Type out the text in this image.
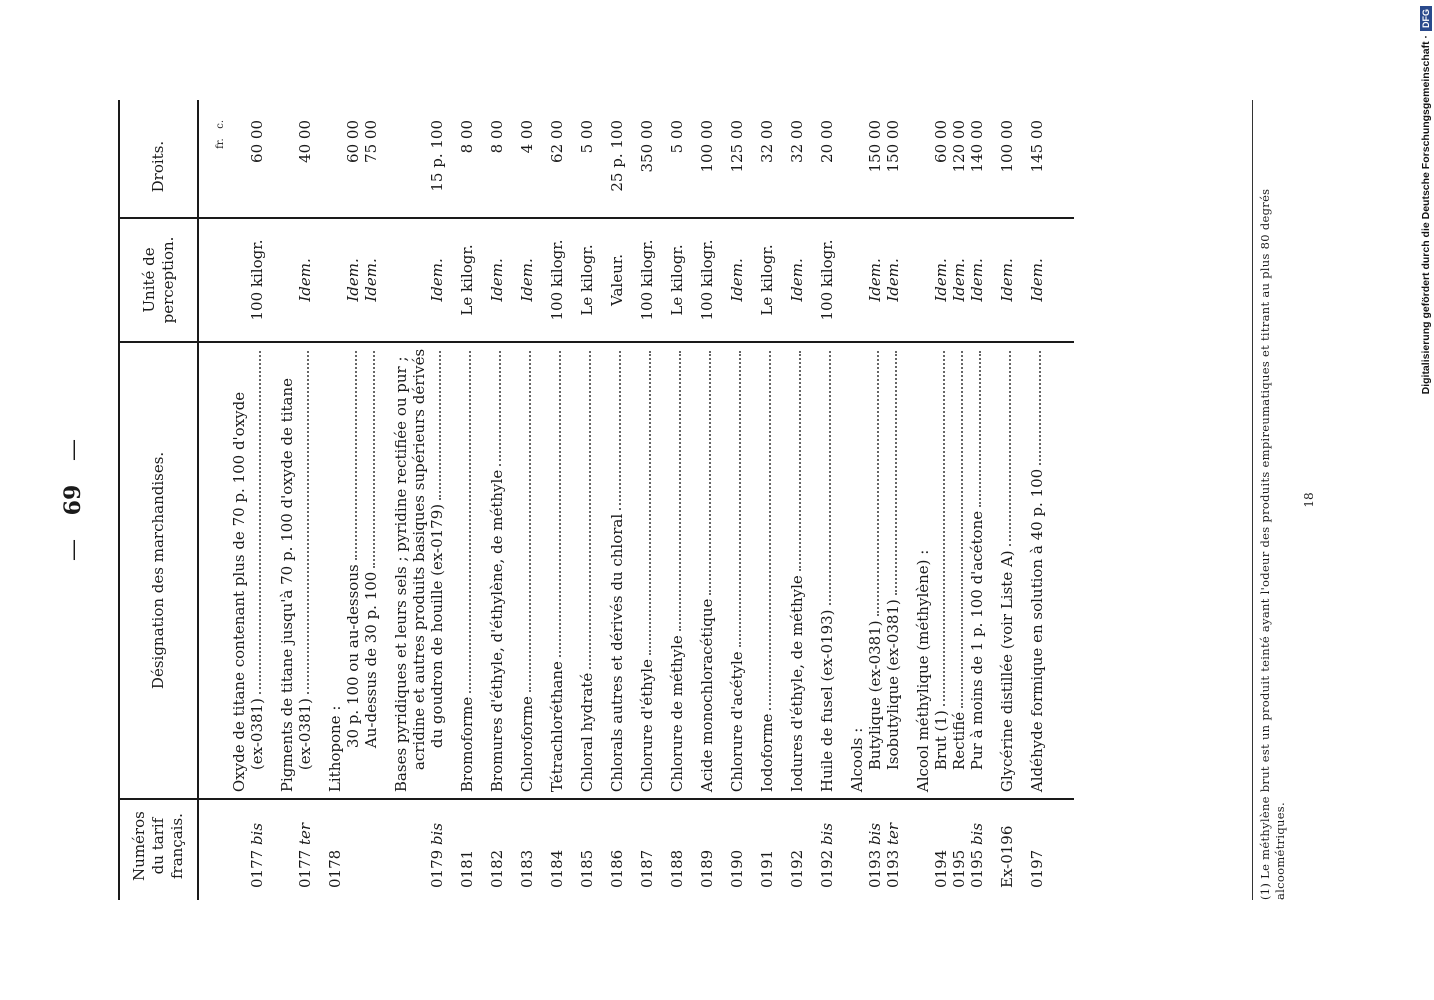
— 69 —
Numéros du tarif français.	Désignation des marchandises.	Unité de perception.	Droits.
			fr.  c.
0177 bis	Oxyde de titane contenant plus de 70 p. 100 d'oxyde (ex-0381)	100 kilogr.	60 00

0177 ter	Pigments de titane jusqu'à 70 p. 100 d'oxyde de titane (ex-0381)	Idem.	40 00

0178	Lithopone :		

	30 p. 100 ou au-dessous	Idem.	60 00

	Au-dessus de 30 p. 100	Idem.	75 00

0179 bis	Bases pyridiques et leurs sels ; pyridine rectifiée ou pur ; acridine et autres produits basiques supérieurs dérivés du goudron de houille (ex-0179)	Idem.	15 p. 100

0181	Bromoforme	Le kilogr.	8 00

0182	Bromures d'éthyle, d'éthylène, de méthyle	Idem.	8 00

0183	Chloroforme	Idem.	4 00

0184	Tétrachloréthane	100 kilogr.	62 00

0185	Chloral hydraté	Le kilogr.	5 00

0186	Chlorals autres et dérivés du chloral	Valeur.	25 p. 100

0187	Chlorure d'éthyle	100 kilogr.	350 00

0188	Chlorure de méthyle	Le kilogr.	5 00

0189	Acide monochloracétique	100 kilogr.	100 00

0190	Chlorure d'acétyle	Idem.	125 00

0191	Iodoforme	Le kilogr.	32 00

0192	Iodures d'éthyle, de méthyle	Idem.	32 00

0192 bis	Huile de fusel (ex-0193)	100 kilogr.	20 00

	Alcools :		

0193 bis	Butylique (ex-0381)	Idem.	150 00
0193 ter	Isobutylique (ex-0381)	Idem.	150 00

	Alcool méthylique (méthylène) :		

0194	Brut (1)	Idem.	60 00
0195	Rectifié	Idem.	120 00
0195 bis	Pur à moins de 1 p. 100 d'acétone	Idem.	140 00

Ex-0196	Glycérine distillée (voir Liste A)	Idem.	100 00

0197	Aldéhyde formique en solution à 40 p. 100	Idem.	145 00

(1) Le méthylène brut est un produit teinté ayant l'odeur des produits empireumatiques et titrant au plus 80 degrés alcoométriques.
18
Digitalisierung gefördert durch die Deutsche Forschungsgemeinschaft ·
DFG
